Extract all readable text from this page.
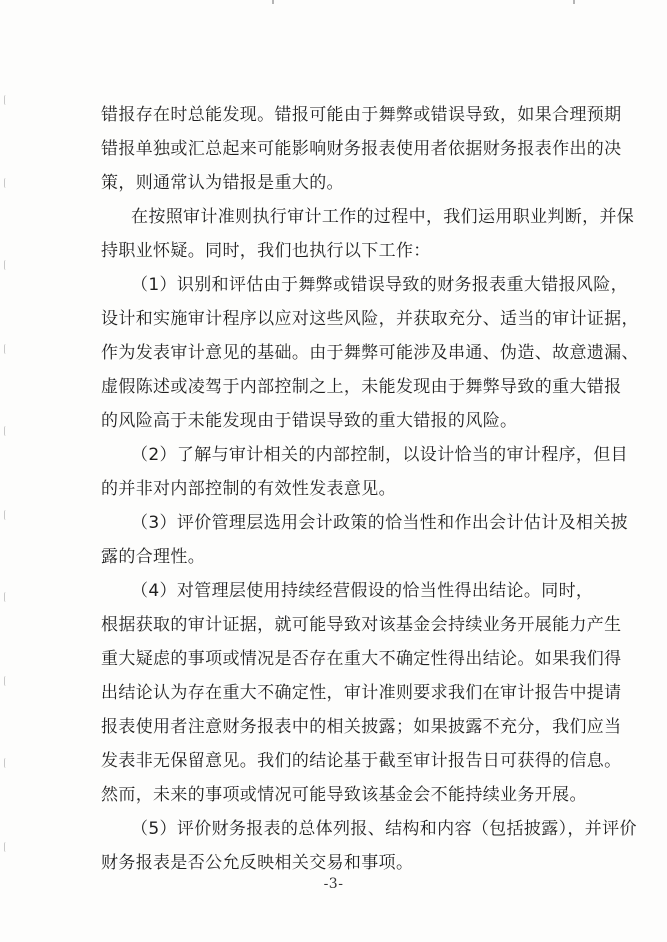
错报存在时总能发现。错报可能由于舞弊或错误导致，如果合理预期
错报单独或汇总起来可能影响财务报表使用者依据财务报表作出的决
策，则通常认为错报是重大的。

在按照审计准则执行审计工作的过程中，我们运用职业判断，并保
持职业怀疑。同时，我们也执行以下工作：

（1）识别和评估由于舞弊或错误导致的财务报表重大错报风险，
设计和实施审计程序以应对这些风险，并获取充分、适当的审计证据，
作为发表审计意见的基础。由于舞弊可能涉及串通、伪造、故意遗漏、
虚假陈述或凌驾于内部控制之上，未能发现由于舞弊导致的重大错报
的风险高于未能发现由于错误导致的重大错报的风险。

（2）了解与审计相关的内部控制，以设计恰当的审计程序，但目
的并非对内部控制的有效性发表意见。

（3）评价管理层选用会计政策的恰当性和作出会计估计及相关披
露的合理性。

（4）对管理层使用持续经营假设的恰当性得出结论。同时，
根据获取的审计证据，就可能导致对该基金会持续业务开展能力产生
重大疑虑的事项或情况是否存在重大不确定性得出结论。如果我们得
出结论认为存在重大不确定性，审计准则要求我们在审计报告中提请
报表使用者注意财务报表中的相关披露；如果披露不充分，我们应当
发表非无保留意见。我们的结论基于截至审计报告日可获得的信息。
然而，未来的事项或情况可能导致该基金会不能持续业务开展。

（5）评价财务报表的总体列报、结构和内容（包括披露），并评价
财务报表是否公允反映相关交易和事项。

-3-
